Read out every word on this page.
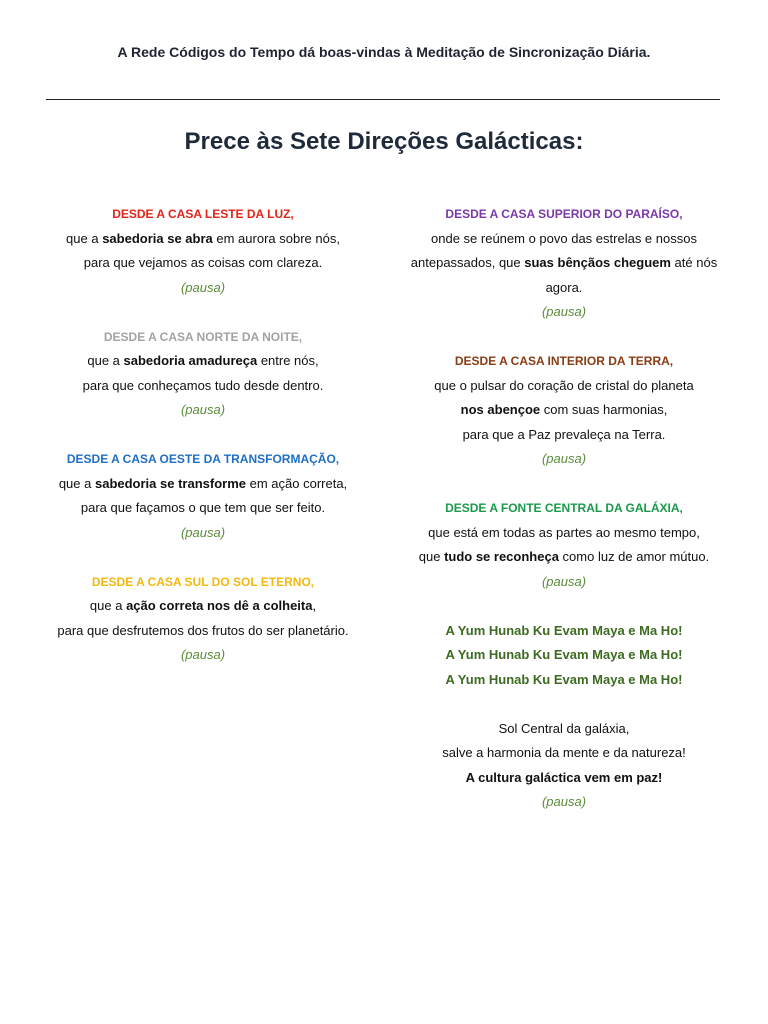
A Rede Códigos do Tempo dá boas-vindas à Meditação de Sincronização Diária.
Prece às Sete Direções Galácticas:
DESDE A CASA LESTE DA LUZ,
que a sabedoria se abra em aurora sobre nós,
para que vejamos as coisas com clareza.
(pausa)
DESDE A CASA NORTE DA NOITE,
que a sabedoria amadureça entre nós,
para que conheçamos tudo desde dentro.
(pausa)
DESDE A CASA OESTE DA TRANSFORMAÇÃO,
que a sabedoria se transforme em ação correta,
para que façamos o que tem que ser feito.
(pausa)
DESDE A CASA SUL DO SOL ETERNO,
que a ação correta nos dê a colheita,
para que desfrutemos dos frutos do ser planetário.
(pausa)
DESDE A CASA SUPERIOR DO PARAÍSO,
onde se reúnem o povo das estrelas e nossos
antepassados, que suas bênçãos cheguem até nós
agora.
(pausa)
DESDE A CASA INTERIOR DA TERRA,
que o pulsar do coração de cristal do planeta
nos abençoe com suas harmonias,
para que a Paz prevaleça na Terra.
(pausa)
DESDE A FONTE CENTRAL DA GALÁXIA,
que está em todas as partes ao mesmo tempo,
que tudo se reconheça como luz de amor mútuo.
(pausa)
A Yum Hunab Ku Evam Maya e Ma Ho!
A Yum Hunab Ku Evam Maya e Ma Ho!
A Yum Hunab Ku Evam Maya e Ma Ho!
Sol Central da galáxia,
salve a harmonia da mente e da natureza!
A cultura galáctica vem em paz!
(pausa)
